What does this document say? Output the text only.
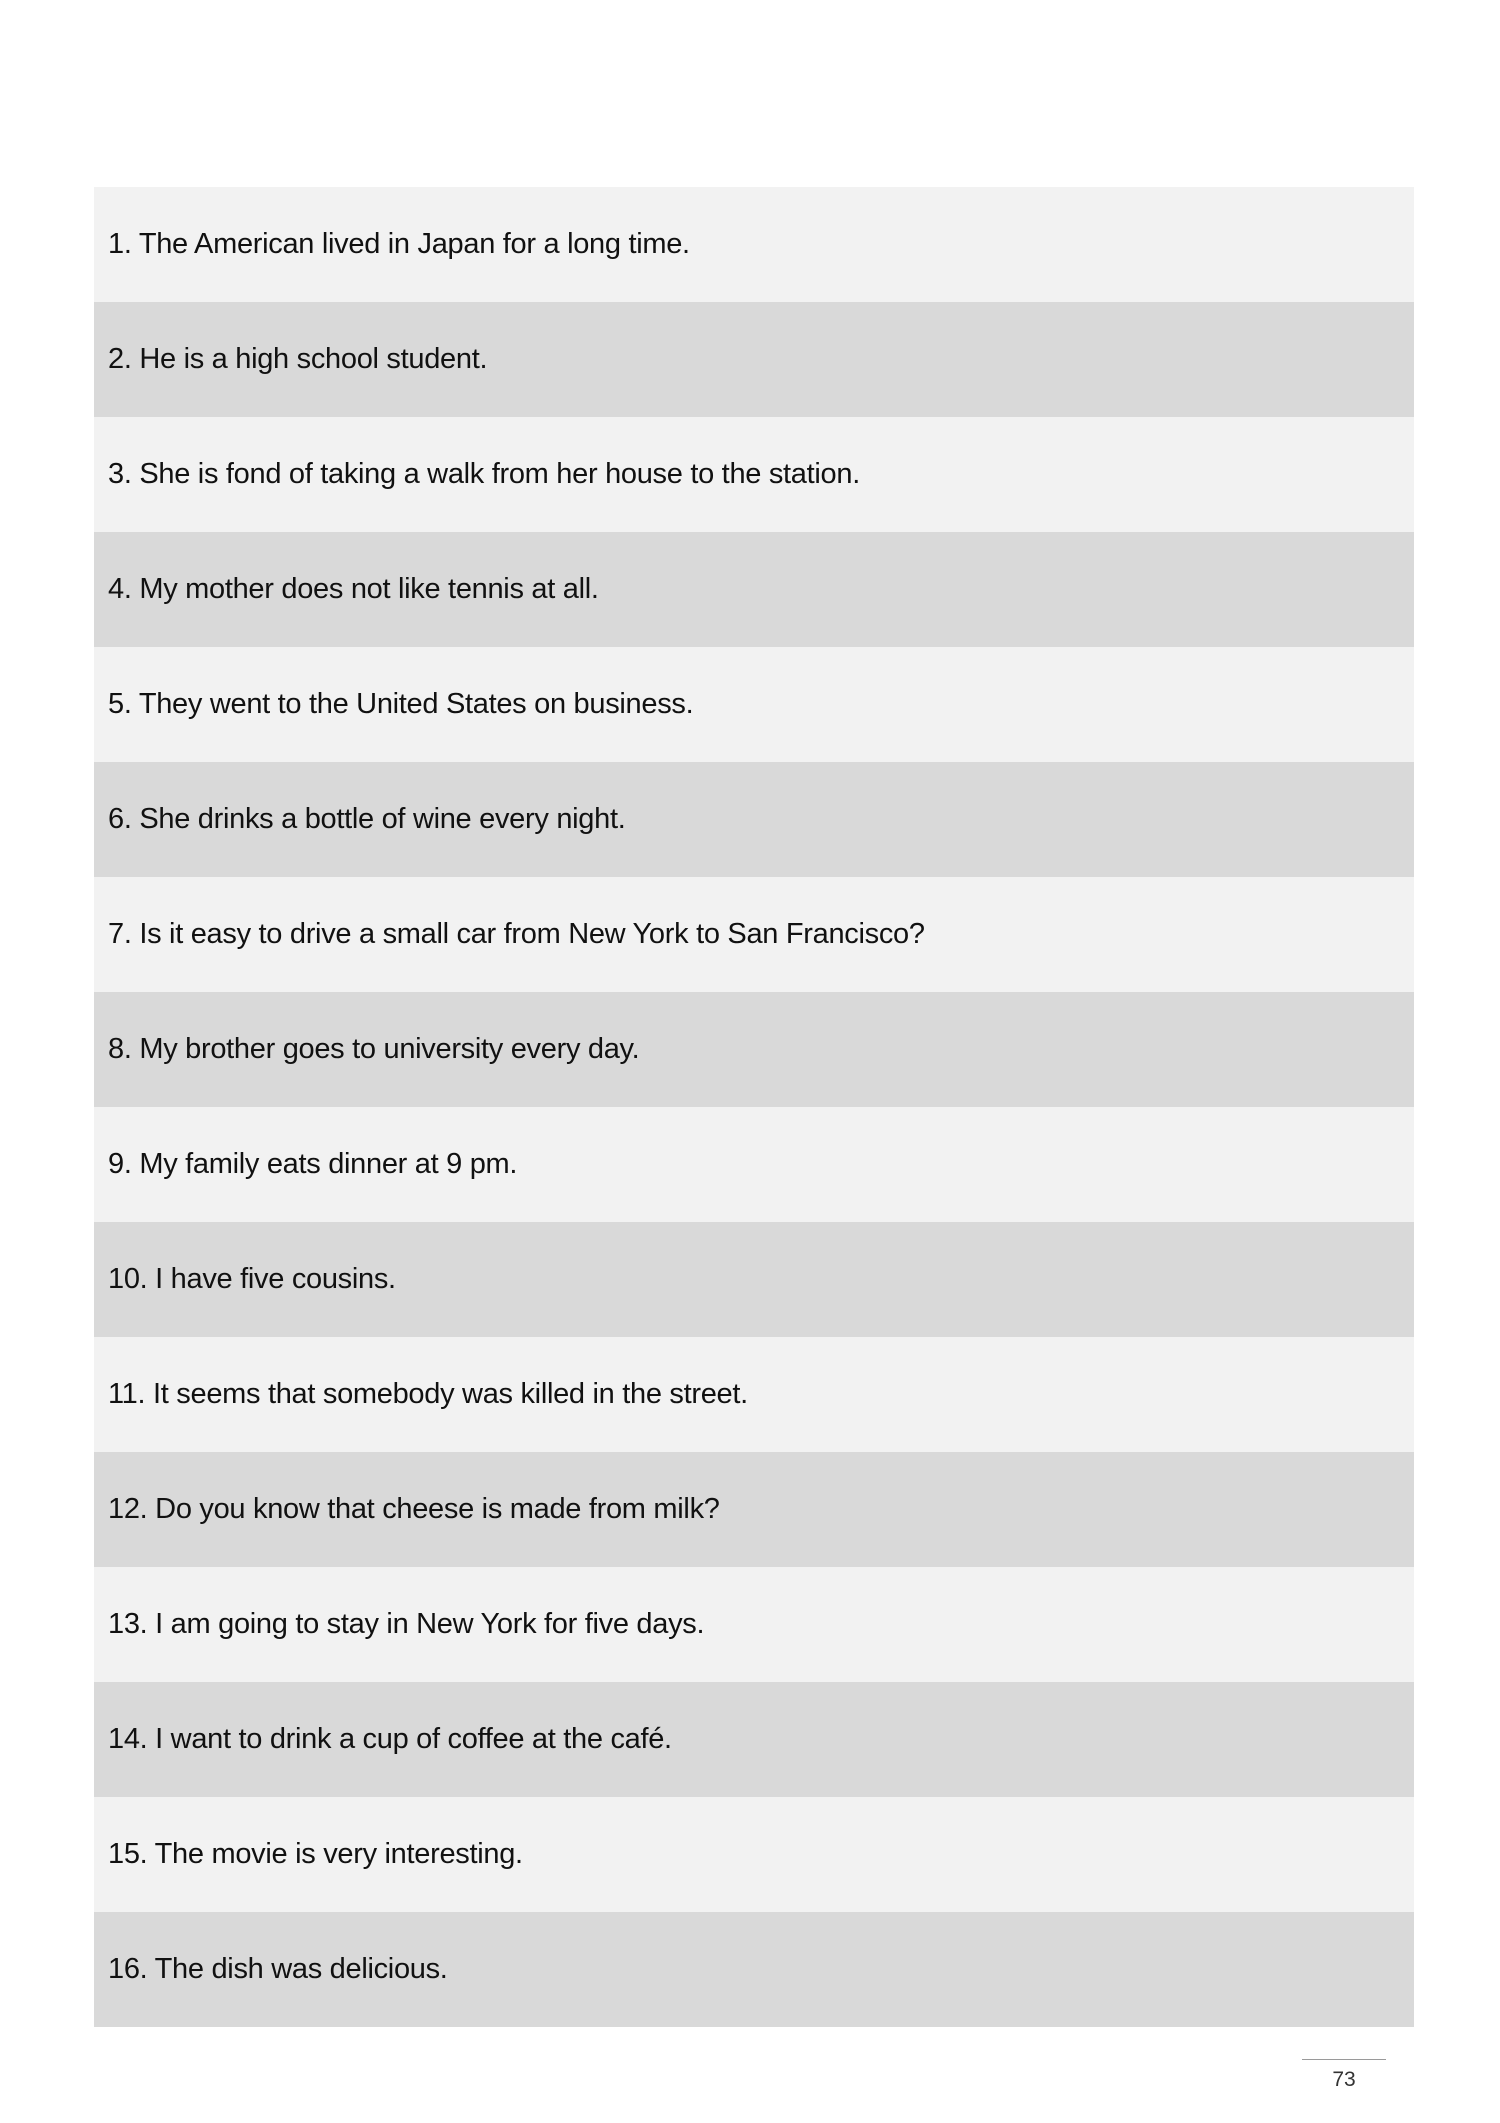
1. The American lived in Japan for a long time.
2. He is a high school student.
3. She is fond of taking a walk from her house to the station.
4. My mother does not like tennis at all.
5. They went to the United States on business.
6. She drinks a bottle of wine every night.
7. Is it easy to drive a small car from New York to San Francisco?
8. My brother goes to university every day.
9. My family eats dinner at 9 pm.
10. I have five cousins.
11. It seems that somebody was killed in the street.
12. Do you know that cheese is made from milk?
13. I am going to stay in New York for five days.
14. I want to drink a cup of coffee at the café.
15. The movie is very interesting.
16. The dish was delicious.
73
